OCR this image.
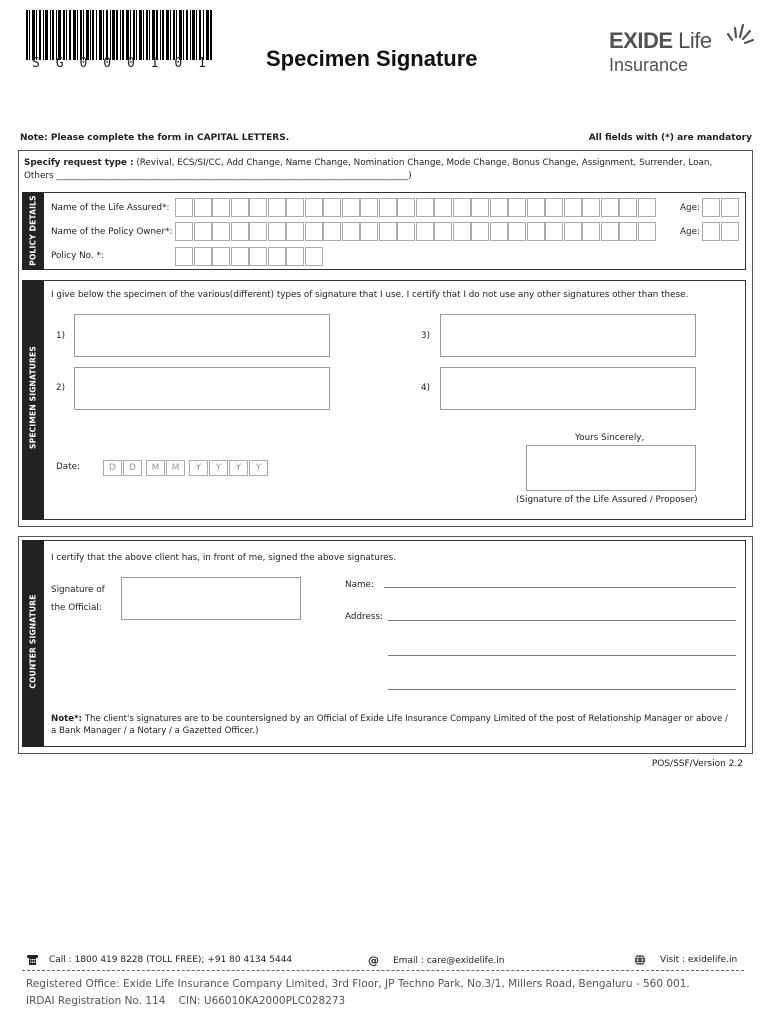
S G 0 0 0 1 0 1	Specimen Signature
EXIDE Life
Insurance
Note: Please complete the form in CAPITAL LETTERS.	All fields with (*) are mandatory
Specify request type : (Revival, ECS/SI/CC, Add Change, Name Change, Nomination Change, Mode Change, Bonus Change, Assignment, Surrender, Loan,
Others ________________________________________________________________________________)
POLICY DETAILS Name of the Life Assured*:	Age:
Name of the Policy Owner*:	Age:
Policy No. *:
SPECIMEN SIGNATURES
I give below the specimen of the various(different) types of signature that I use. I certify that I do not use any other signatures other than these.
1)
2)
3)
4)
Yours Sincerely,
(Signature of the Life Assured / Proposer)
Date:	D	D	M	M	Y	Y	Y	Y
COUNTER SIGNATURE
I certify that the above client has, in front of me, signed the above signatures.
Signature of
the Official:
Name:
Address:
Note*: The client's signatures are to be countersigned by an Official of Exide LIfe Insurance Company Limited of the post of Relationship Manager or above / a Bank Manager / a Notary / a Gazetted Officer.)
POS/SSF/Version 2.2
Call : 1800 419 8228 (TOLL FREE); +91 80 4134 5444	@ Email : care@exidelife.in	Visit : exidelife.in
Registered Office: Exide Life Insurance Company Limited, 3rd Floor, JP Techno Park, No.3/1, Millers Road, Bengaluru - 560 001.
IRDAI Registration No. 114    CIN: U66010KA2000PLC028273
